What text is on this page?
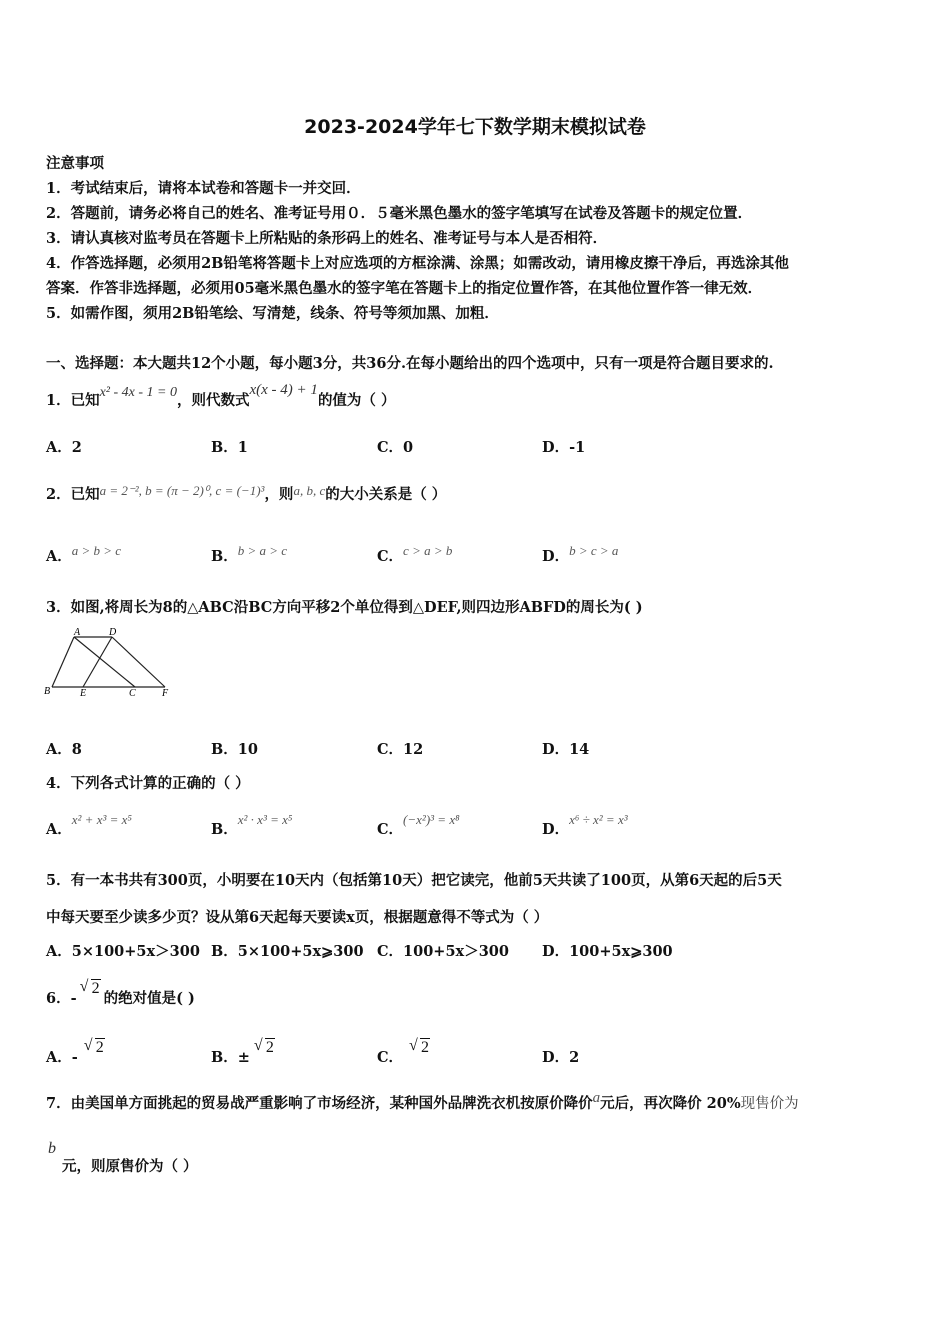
2023-2024学年七下数学期末模拟试卷
注意事项
1．考试结束后，请将本试卷和答题卡一并交回．
2．答题前，请务必将自己的姓名、准考证号用０．５毫米黑色墨水的签字笔填写在试卷及答题卡的规定位置．
3．请认真核对监考员在答题卡上所粘贴的条形码上的姓名、准考证号与本人是否相符．
4．作答选择题，必须用2B铅笔将答题卡上对应选项的方框涂满、涂黑；如需改动，请用橡皮擦干净后，再选涂其他
答案．作答非选择题，必须用05毫米黑色墨水的签字笔在答题卡上的指定位置作答，在其他位置作答一律无效．
5．如需作图，须用2B铅笔绘、写清楚，线条、符号等须加黑、加粗．
一、选择题：本大题共12个小题，每小题3分，共36分.在每小题给出的四个选项中，只有一项是符合题目要求的.
1．已知x² - 4x - 1 = 0，则代数式x(x - 4) + 1的值为（ ）
A．2	B．1	C．0	D．-1
2．已知a = 2⁻², b = (π − 2)⁰, c = (−1)³，则a, b, c的大小关系是（ ）
A．a > b > c	B．b > a > c	C．c > a > b	D．b > c > a
3．如图,将周长为8的△ABC沿BC方向平移2个单位得到△DEF,则四边形ABFD的周长为( )
A	D
B	E	C	F
A．8	B．10	C．12	D．14
4．下列各式计算的正确的（ ）
A．x² + x³ = x⁵
B．x² · x³ = x⁵
C．(−x²)³ = x⁸
D．x⁶ ÷ x² = x³
5．有一本书共有300页，小明要在10天内（包括第10天）把它读完，他前5天共读了100页，从第6天起的后5天
中每天要至少读多少页？设从第6天起每天要读x页，根据题意得不等式为（ ）
A．5×100+5x＞300 B．5×100+5x⩾300 C．100+5x＞300 D．100+5x⩾300
6．-
√ 2的绝对值是( )
A．-
√ 2
B．±
√ 2
C．
√ 2
D．2
7．由美国单方面挑起的贸易战严重影响了市场经济，某种国外品牌洗衣机按原价降价a元后，再次降价 20%现售价为
b
元，则原售价为（ ）
